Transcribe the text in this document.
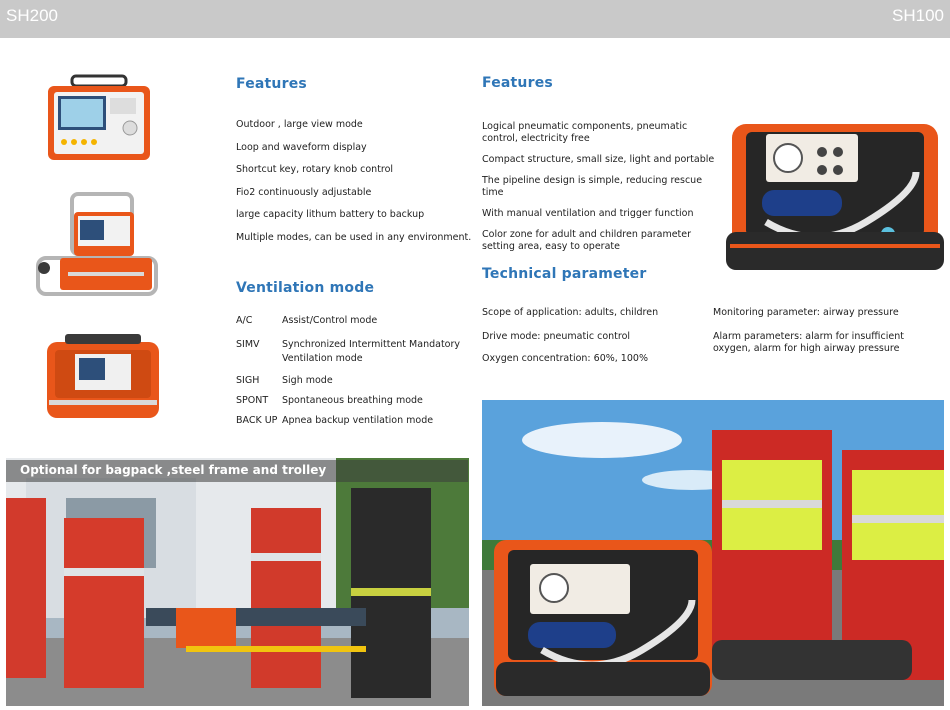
SH200	SH100
Features
Outdoor , large view mode
Loop and waveform display
Shortcut key, rotary knob control
Fio2 continuously adjustable
large capacity lithum battery to backup
Multiple modes, can be used in any environment.
Ventilation mode
A/C	Assist/Control mode
SIMV Synchronized Intermittent Mandatory Ventilation mode
SIGH Sigh mode
SPONT Spontaneous breathing mode
BACK UP Apnea backup ventilation mode
Features
Logical pneumatic components, pneumatic control, electricity free
Compact structure, small size, light and portable
The pipeline design is simple, reducing rescue time
With manual ventilation and trigger function
Color zone for adult and children parameter setting area, easy to operate
Technical parameter
Scope of application: adults, children
Drive mode: pneumatic control
Oxygen concentration: 60%, 100%
Monitoring parameter: airway pressure
Alarm parameters: alarm for insufficient oxygen, alarm for high airway pressure
Optional for bagpack ,steel frame and trolley
